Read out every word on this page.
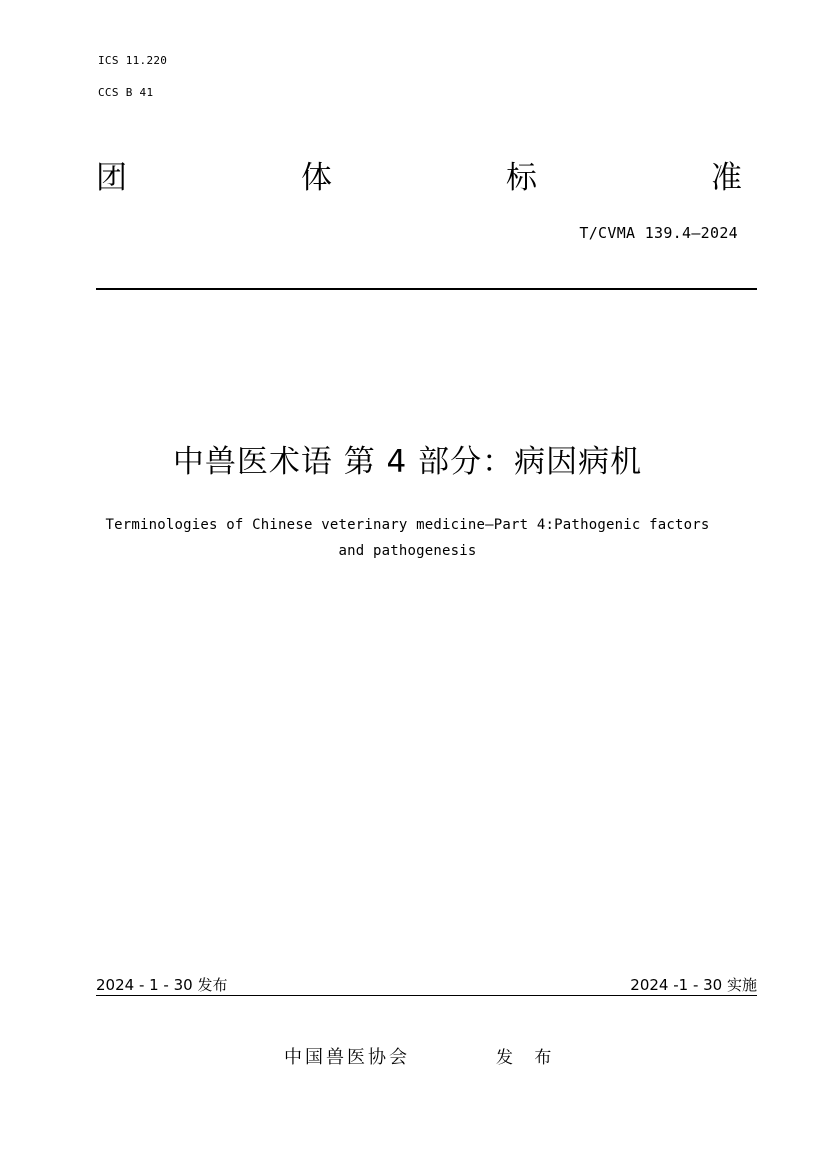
ICS 11.220
CCS B 41
团	体	标	准
T/CVMA 139.4—2024
中兽医术语 第 4 部分：病因病机
Terminologies of Chinese veterinary medicine—Part 4:Pathogenic factors
and pathogenesis
2024 - 1 - 30 发布	2024 -1 - 30 实施
中国兽医协会	发 布
